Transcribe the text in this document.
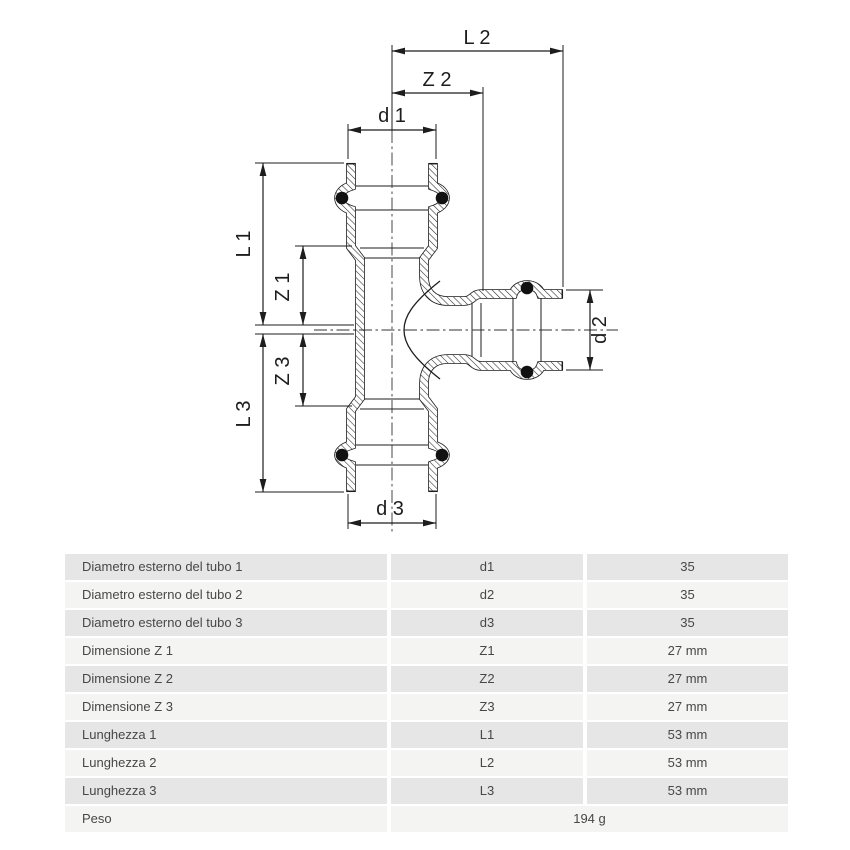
L 2
Z 2
d 1
L 1
Z 1
Z 3
L 3
d 3
d 2
Diametro esterno del tubo 1	d1	35
Diametro esterno del tubo 2	d2	35
Diametro esterno del tubo 3	d3	35
Dimensione Z 1	Z1	27 mm
Dimensione Z 2	Z2	27 mm
Dimensione Z 3	Z3	27 mm
Lunghezza 1	L1	53 mm
Lunghezza 2	L2	53 mm
Lunghezza 3	L3	53 mm
Peso	194 g
